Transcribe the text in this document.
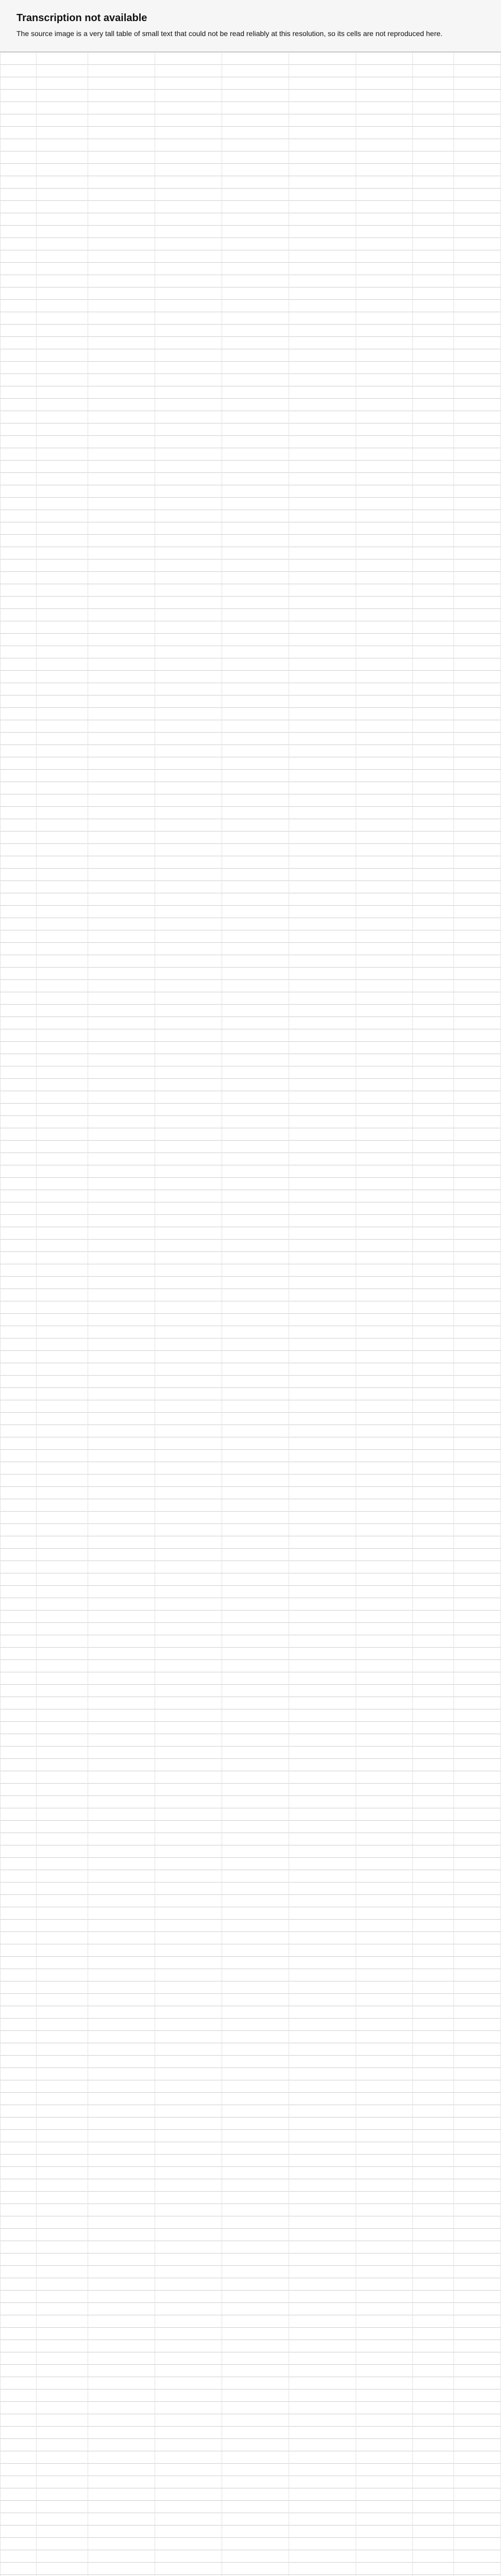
Transcription not available

The source image is a very tall table of small text that could not be read reliably at this resolution, so its cells are not reproduced here.
